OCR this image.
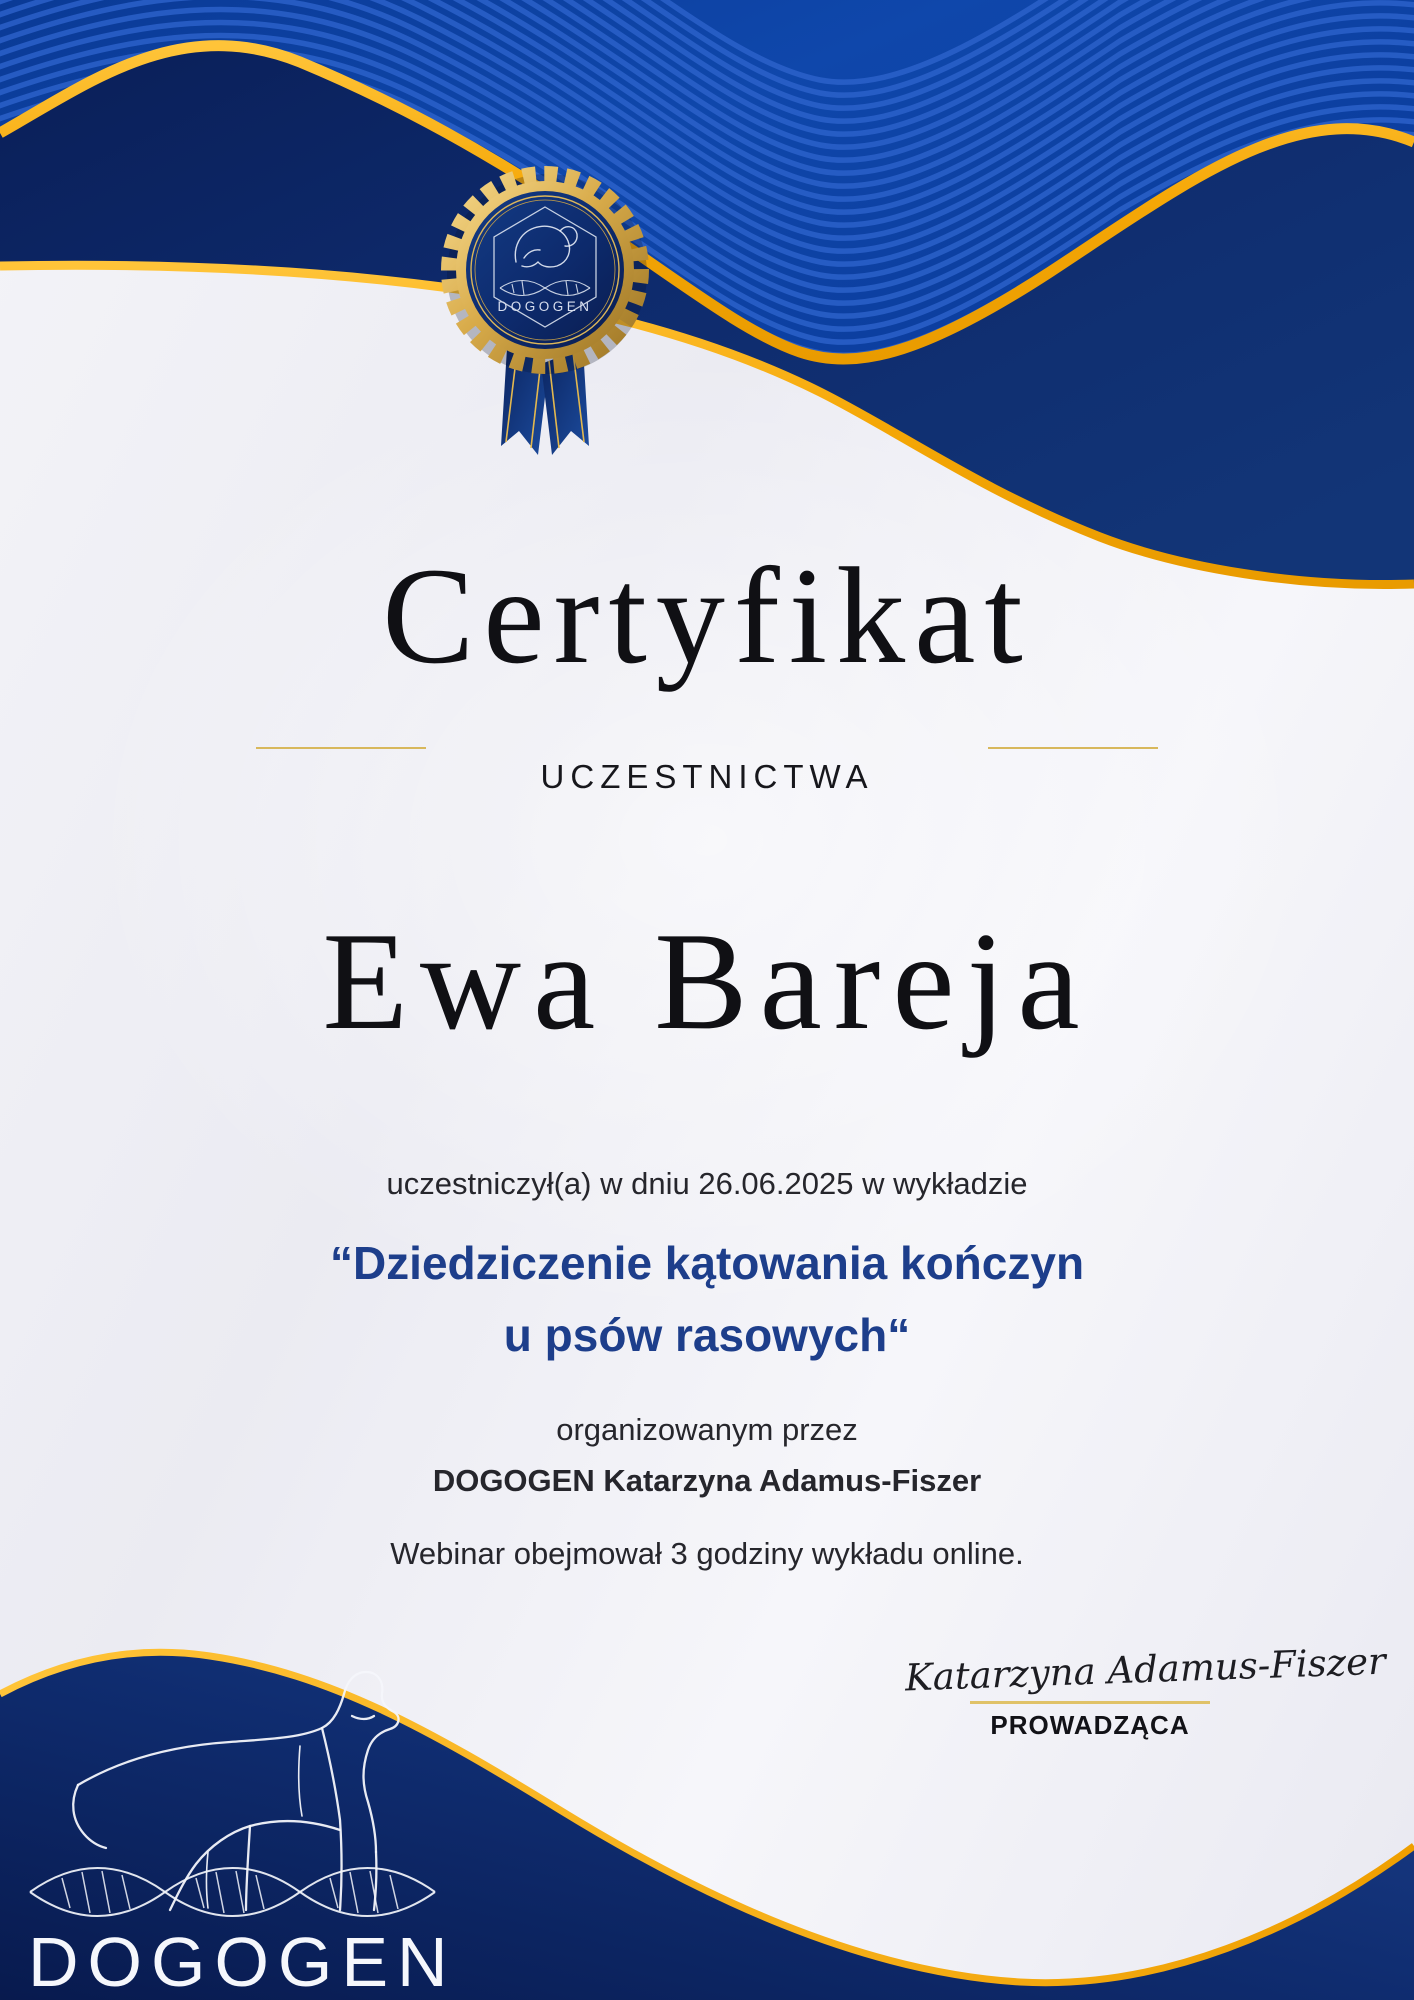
DOGOGEN
Certyfikat
UCZESTNICTWA
Ewa Bareja
uczestniczył(a) w dniu 26.06.2025 w wykładzie
“Dziedziczenie kątowania kończyn
u psów rasowych“
organizowanym przez
DOGOGEN Katarzyna Adamus-Fiszer
Webinar obejmował 3 godziny wykładu online.
Katarzyna Adamus-Fiszer
PROWADZĄCA
DOGOGEN
